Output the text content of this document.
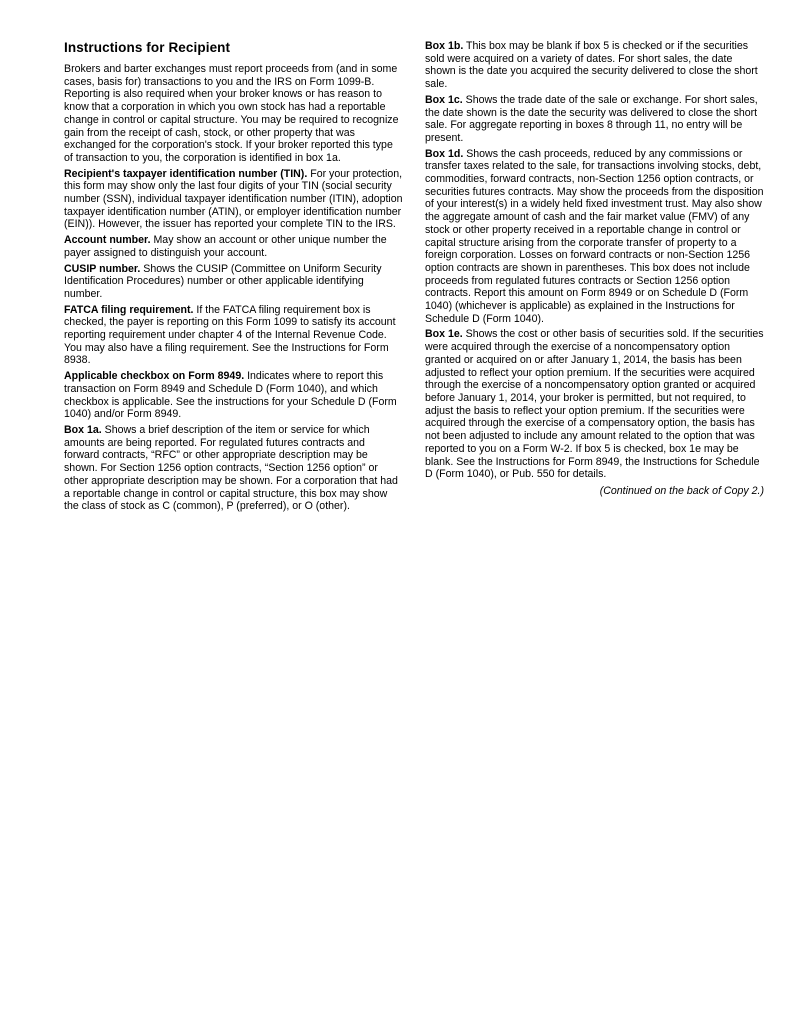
Instructions for Recipient

Brokers and barter exchanges must report proceeds from (and in some cases, basis for) transactions to you and the IRS on Form 1099-B. Reporting is also required when your broker knows or has reason to know that a corporation in which you own stock has had a reportable change in control or capital structure. You may be required to recognize gain from the receipt of cash, stock, or other property that was exchanged for the corporation's stock. If your broker reported this type of transaction to you, the corporation is identified in box 1a.

Recipient's taxpayer identification number (TIN). For your protection, this form may show only the last four digits of your TIN (social security number (SSN), individual taxpayer identification number (ITIN), adoption taxpayer identification number (ATIN), or employer identification number (EIN)). However, the issuer has reported your complete TIN to the IRS.

Account number. May show an account or other unique number the payer assigned to distinguish your account.

CUSIP number. Shows the CUSIP (Committee on Uniform Security Identification Procedures) number or other applicable identifying number.

FATCA filing requirement. If the FATCA filing requirement box is checked, the payer is reporting on this Form 1099 to satisfy its account reporting requirement under chapter 4 of the Internal Revenue Code. You may also have a filing requirement. See the Instructions for Form 8938.

Applicable checkbox on Form 8949. Indicates where to report this transaction on Form 8949 and Schedule D (Form 1040), and which checkbox is applicable. See the instructions for your Schedule D (Form 1040) and/or Form 8949.

Box 1a. Shows a brief description of the item or service for which amounts are being reported. For regulated futures contracts and forward contracts, “RFC” or other appropriate description may be shown. For Section 1256 option contracts, “Section 1256 option” or other appropriate description may be shown. For a corporation that had a reportable change in control or capital structure, this box may show the class of stock as C (common), P (preferred), or O (other).

Box 1b. This box may be blank if box 5 is checked or if the securities sold were acquired on a variety of dates. For short sales, the date shown is the date you acquired the security delivered to close the short sale.

Box 1c. Shows the trade date of the sale or exchange. For short sales, the date shown is the date the security was delivered to close the short sale. For aggregate reporting in boxes 8 through 11, no entry will be present.

Box 1d. Shows the cash proceeds, reduced by any commissions or transfer taxes related to the sale, for transactions involving stocks, debt, commodities, forward contracts, non-Section 1256 option contracts, or securities futures contracts. May show the proceeds from the disposition of your interest(s) in a widely held fixed investment trust. May also show the aggregate amount of cash and the fair market value (FMV) of any stock or other property received in a reportable change in control or capital structure arising from the corporate transfer of property to a foreign corporation. Losses on forward contracts or non-Section 1256 option contracts are shown in parentheses. This box does not include proceeds from regulated futures contracts or Section 1256 option contracts. Report this amount on Form 8949 or on Schedule D (Form 1040) (whichever is applicable) as explained in the Instructions for Schedule D (Form 1040).

Box 1e. Shows the cost or other basis of securities sold. If the securities were acquired through the exercise of a noncompensatory option granted or acquired on or after January 1, 2014, the basis has been adjusted to reflect your option premium. If the securities were acquired through the exercise of a noncompensatory option granted or acquired before January 1, 2014, your broker is permitted, but not required, to adjust the basis to reflect your option premium. If the securities were acquired through the exercise of a compensatory option, the basis has not been adjusted to include any amount related to the option that was reported to you on a Form W-2. If box 5 is checked, box 1e may be blank. See the Instructions for Form 8949, the Instructions for Schedule D (Form 1040), or Pub. 550 for details.

(Continued on the back of Copy 2.)
